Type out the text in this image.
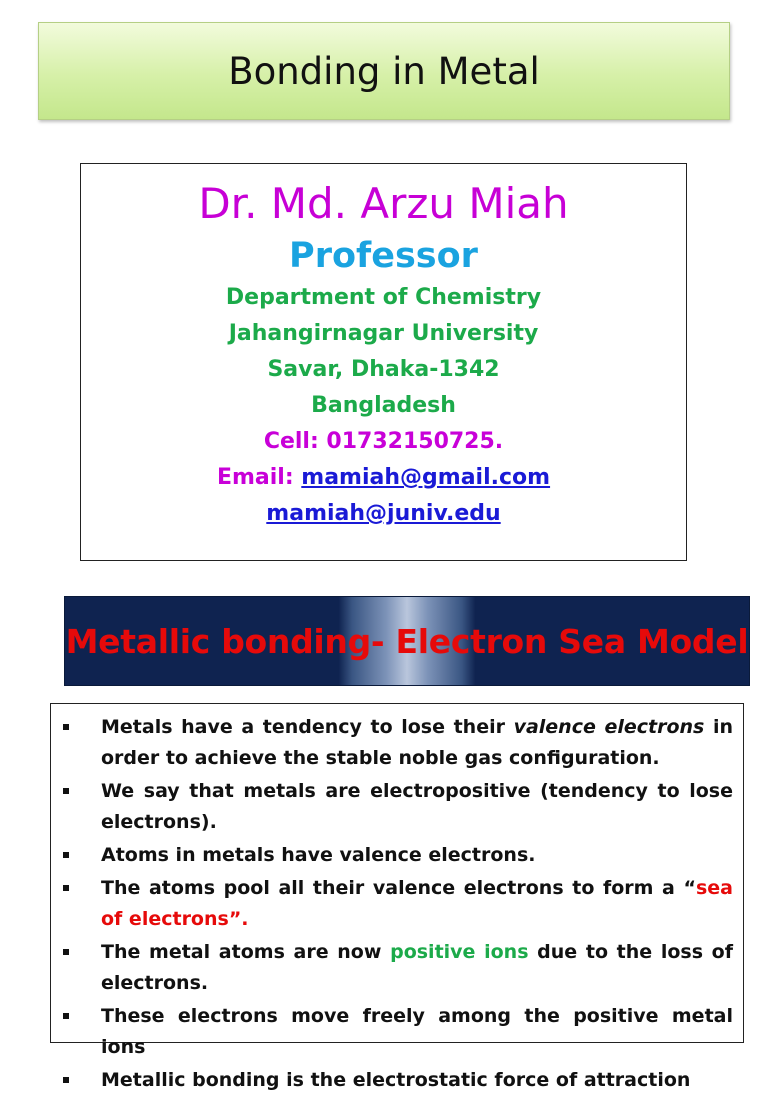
Bonding in Metal
Dr. Md. Arzu Miah
Professor
Department of Chemistry
Jahangirnagar University
Savar, Dhaka-1342
Bangladesh
Cell: 01732150725.
Email: mamiah@gmail.com
mamiah@juniv.edu
Metallic bonding- Electron Sea Model
Metals have a tendency to lose their valence electrons in order to achieve the stable noble gas configuration.
We say that metals are electropositive (tendency to lose electrons).
Atoms in metals have valence electrons.
The atoms pool all their valence electrons to form a “sea of electrons”.
The metal atoms are now positive ions due to the loss of electrons.
These electrons move freely among the positive metal ions
Metallic bonding is the electrostatic force of attraction
